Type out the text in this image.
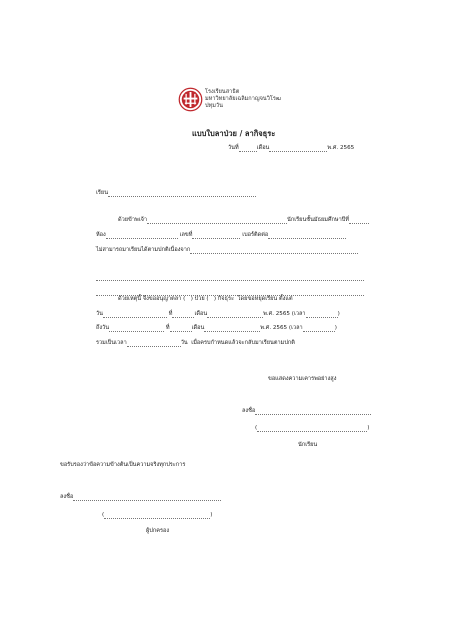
โรงเรียนสาธิต
มหาวิทยาลัยเฉลิมกาญจนวิโรฒ
ปทุมวัน
แบบใบลาป่วย / ลากิจธุระ
วันที่	เดือน	พ.ศ. 2565
เรียน
ด้วยข้าพเจ้า	นักเรียนชั้นมัธยมศึกษาปีที่
ห้อง	เลขที่	เบอร์ติดต่อ
ไม่สามารถมาเรียนได้ตามปกติเนื่องจาก
ด้วยเหตุนี้ จึงขออนุญาตลา ( ) ป่วย ( ) กิจธุระ โดยขอหยุดเรียน ตั้งแต่
วัน	ที่	เดือน	พ.ศ. 2565 (เวลา	)
ถึงวัน	ที่	เดือน	พ.ศ. 2565 (เวลา	)
รวมเป็นเวลา	วัน เมื่อครบกำหนดแล้วจะกลับมาเรียนตามปกติ
ขอแสดงความเคารพอย่างสูง
ลงชื่อ
(	)
นักเรียน
ขอรับรองว่าข้อความข้างต้นเป็นความจริงทุกประการ
ลงชื่อ
(	)
ผู้ปกครอง
